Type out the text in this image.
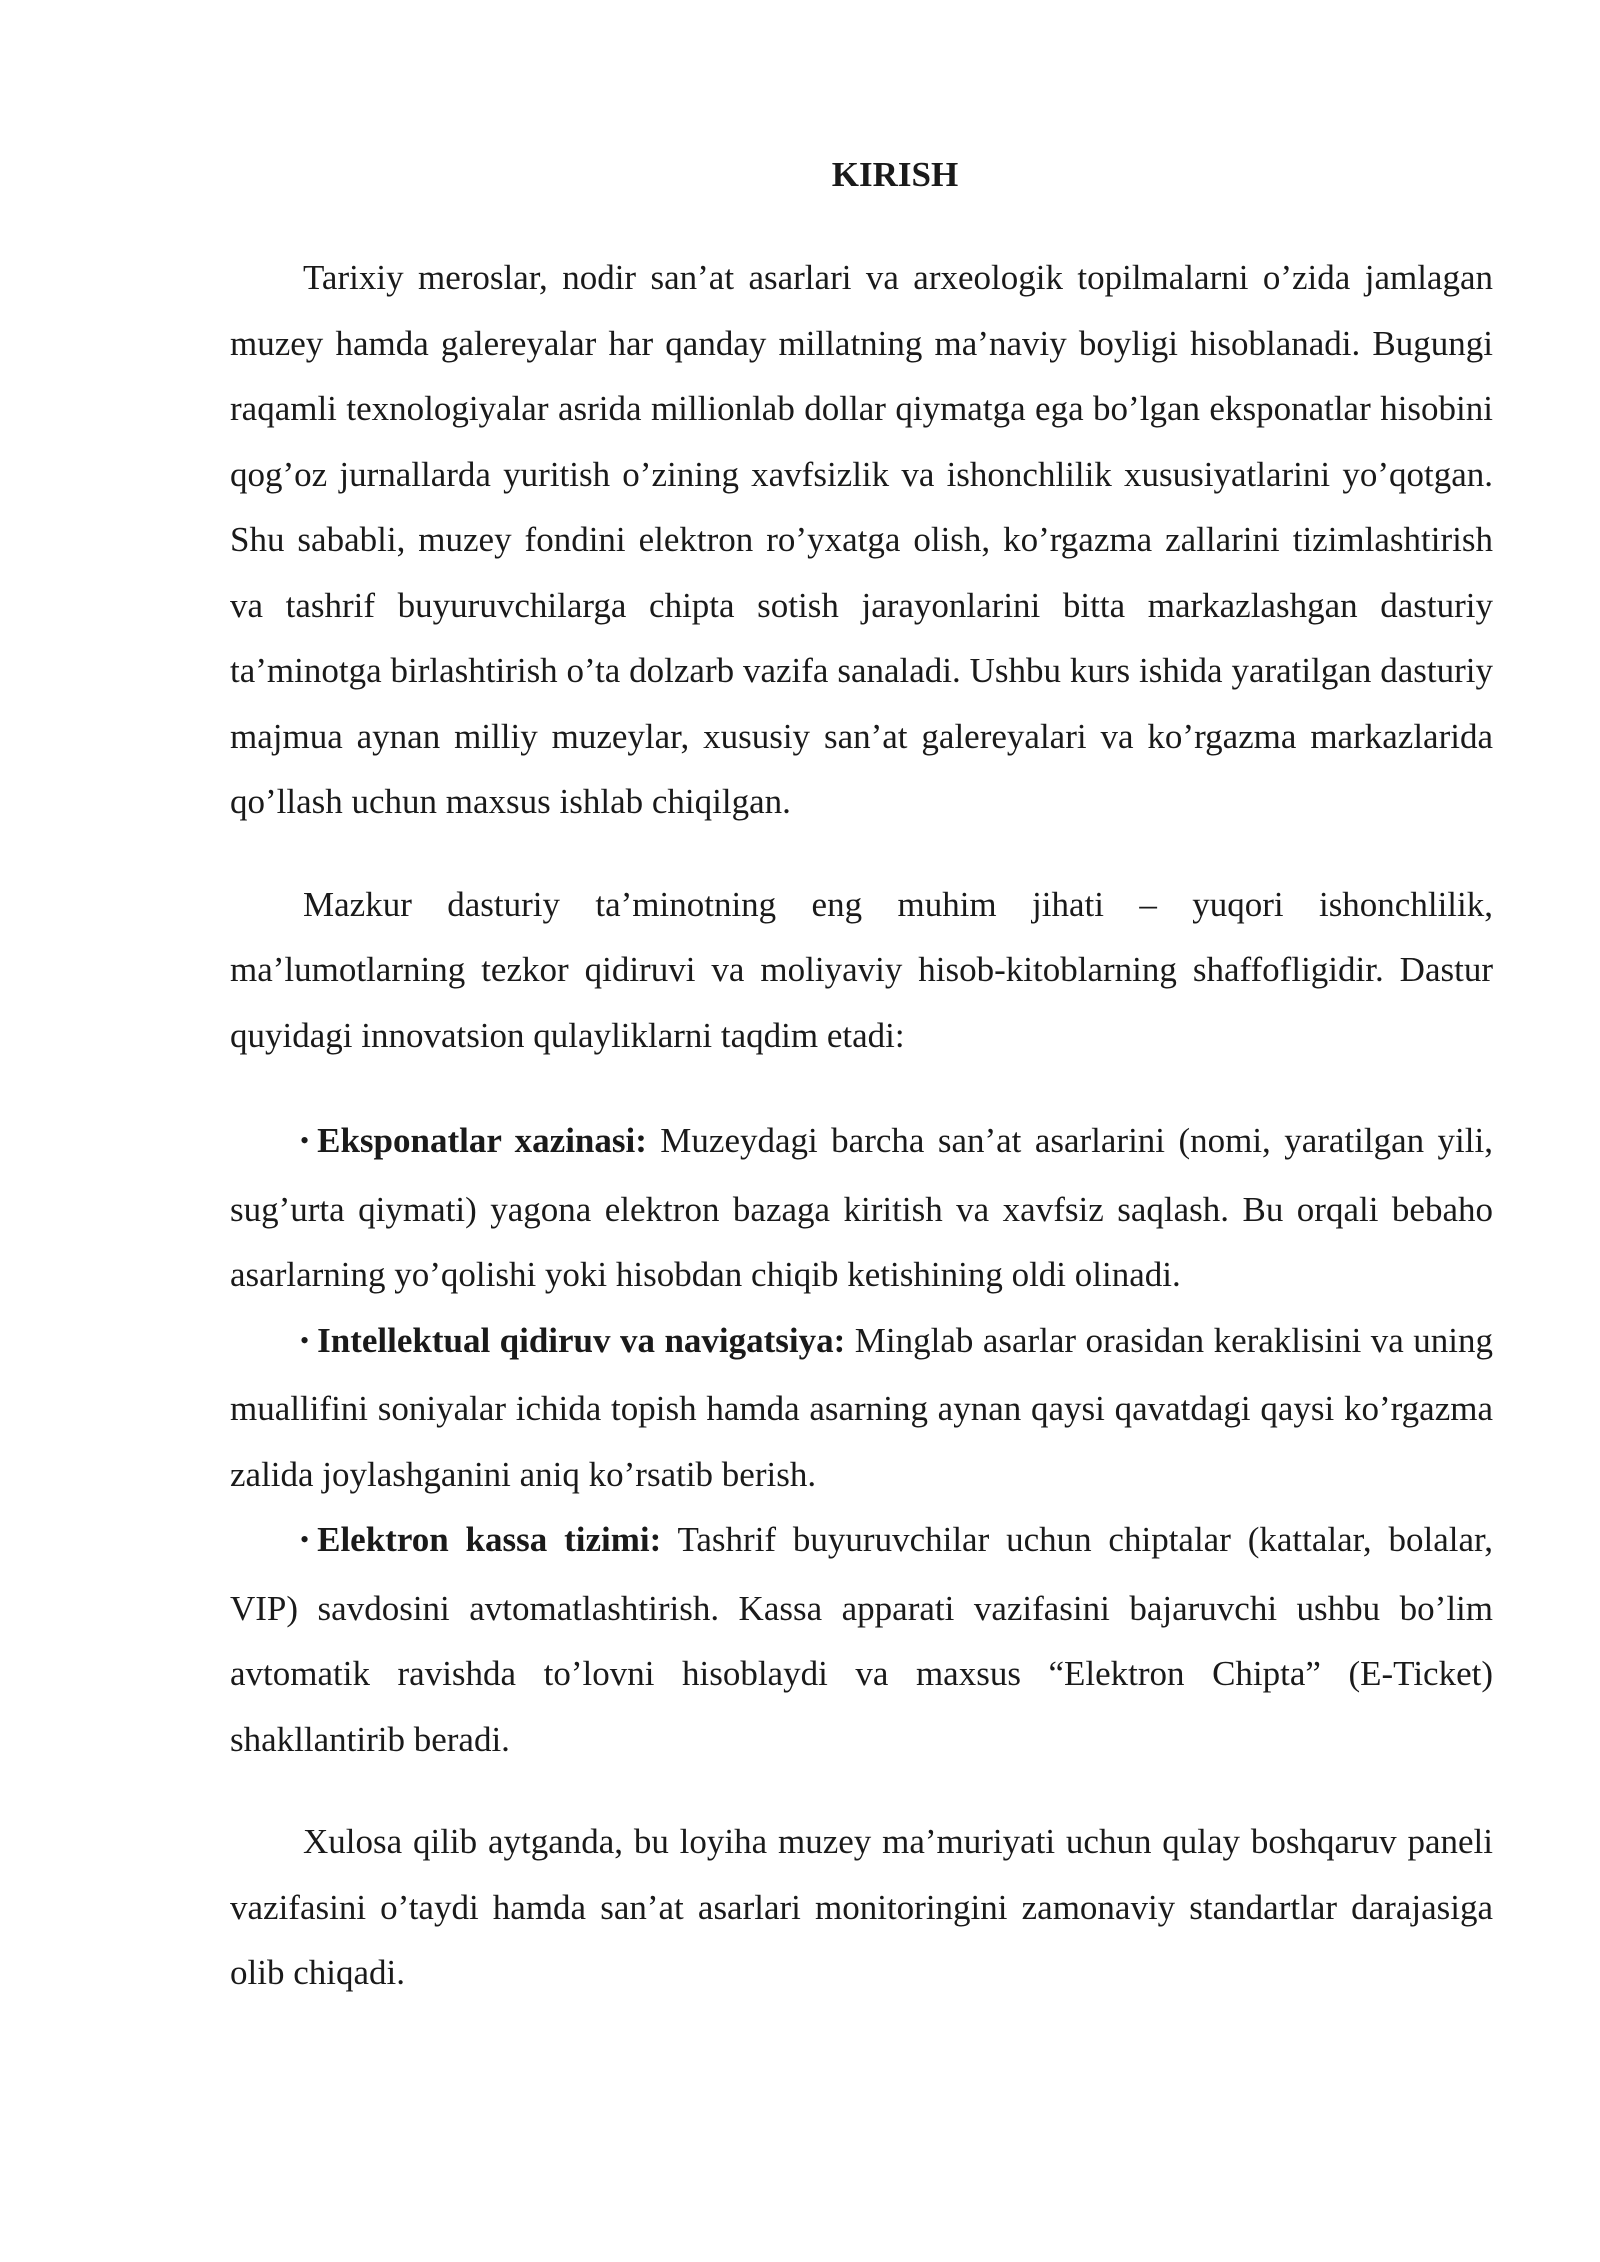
KIRISH

Tarixiy meroslar, nodir san’at asarlari va arxeologik topilmalarni o’zida jamlagan muzey hamda galereyalar har qanday millatning ma’naviy boyligi hisoblanadi. Bugungi raqamli texnologiyalar asrida millionlab dollar qiymatga ega bo’lgan eksponatlar hisobini qog’oz jurnallarda yuritish o’zining xavfsizlik va ishonchlilik xususiyatlarini yo’qotgan. Shu sababli, muzey fondini elektron ro’yxatga olish, ko’rgazma zallarini tizimlashtirish va tashrif buyuruvchilarga chipta sotish jarayonlarini bitta markazlashgan dasturiy ta’minotga birlashtirish o’ta dolzarb vazifa sanaladi. Ushbu kurs ishida yaratilgan dasturiy majmua aynan milliy muzeylar, xususiy san’at galereyalari va ko’rgazma markazlarida qo’llash uchun maxsus ishlab chiqilgan.

Mazkur dasturiy ta’minotning eng muhim jihati – yuqori ishonchlilik, ma’lumotlarning tezkor qidiruvi va moliyaviy hisob-kitoblarning shaffofligidir. Dastur quyidagi innovatsion qulayliklarni taqdim etadi:

• Eksponatlar xazinasi: Muzeydagi barcha san’at asarlarini (nomi, yaratilgan yili, sug’urta qiymati) yagona elektron bazaga kiritish va xavfsiz saqlash. Bu orqali bebaho asarlarning yo’qolishi yoki hisobdan chiqib ketishining oldi olinadi.
• Intellektual qidiruv va navigatsiya: Minglab asarlar orasidan keraklisini va uning muallifini soniyalar ichida topish hamda asarning aynan qaysi qavatdagi qaysi ko’rgazma zalida joylashganini aniq ko’rsatib berish.
• Elektron kassa tizimi: Tashrif buyuruvchilar uchun chiptalar (kattalar, bolalar, VIP) savdosini avtomatlashtirish. Kassa apparati vazifasini bajaruvchi ushbu bo’lim avtomatik ravishda to’lovni hisoblaydi va maxsus “Elektron Chipta” (E-Ticket) shakllantirib beradi.

Xulosa qilib aytganda, bu loyiha muzey ma’muriyati uchun qulay boshqaruv paneli vazifasini o’taydi hamda san’at asarlari monitoringini zamonaviy standartlar darajasiga olib chiqadi.
